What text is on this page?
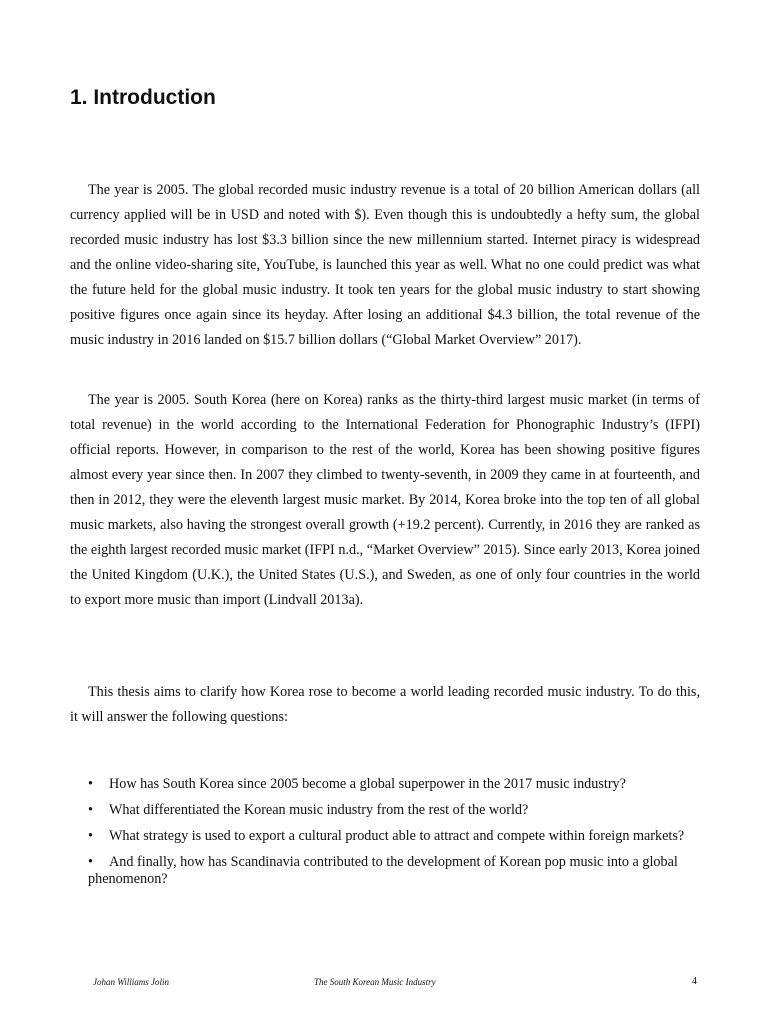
1. Introduction

The year is 2005. The global recorded music industry revenue is a total of 20 billion American dollars (all currency applied will be in USD and noted with $). Even though this is undoubtedly a hefty sum, the global recorded music industry has lost $3.3 billion since the new millennium started. Internet piracy is widespread and the online video-sharing site, YouTube, is launched this year as well. What no one could predict was what the future held for the global music industry. It took ten years for the global music industry to start showing positive figures once again since its heyday. After losing an additional $4.3 billion, the total revenue of the music industry in 2016 landed on $15.7 billion dollars (“Global Market Overview” 2017).

The year is 2005. South Korea (here on Korea) ranks as the thirty-third largest music market (in terms of total revenue) in the world according to the International Federation for Phonographic Industry’s (IFPI) official reports. However, in comparison to the rest of the world, Korea has been showing positive figures almost every year since then. In 2007 they climbed to twenty-seventh, in 2009 they came in at fourteenth, and then in 2012, they were the eleventh largest music market. By 2014, Korea broke into the top ten of all global music markets, also having the strongest overall growth (+19.2 percent). Currently, in 2016 they are ranked as the eighth largest recorded music market (IFPI n.d., “Market Overview” 2015). Since early 2013, Korea joined the United Kingdom (U.K.), the United States (U.S.), and Sweden, as one of only four countries in the world to export more music than import (Lindvall 2013a).

This thesis aims to clarify how Korea rose to become a world leading recorded music industry. To do this, it will answer the following questions:

• How has South Korea since 2005 become a global superpower in the 2017 music industry?
• What differentiated the Korean music industry from the rest of the world?
• What strategy is used to export a cultural product able to attract and compete within foreign markets?
• And finally, how has Scandinavia contributed to the development of Korean pop music into a global phenomenon?
Johan Williams Jolin	The South Korean Music Industry	4
